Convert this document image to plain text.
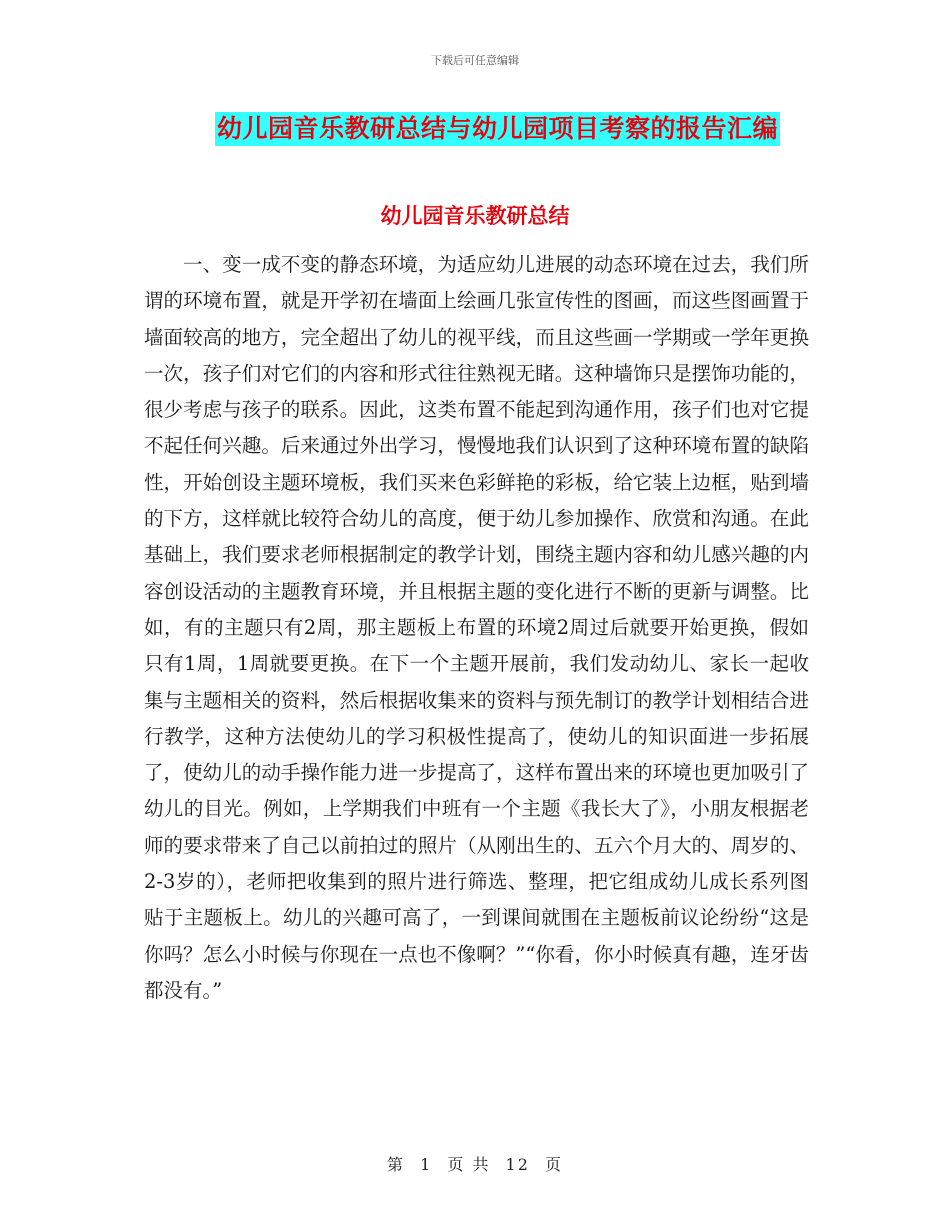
下载后可任意编辑
幼儿园音乐教研总结与幼儿园项目考察的报告汇编
幼儿园音乐教研总结

一、变一成不变的静态环境，为适应幼儿进展的动态环境在过去，我们所谓的环境布置，就是开学初在墙面上绘画几张宣传性的图画，而这些图画置于墙面较高的地方，完全超出了幼儿的视平线，而且这些画一学期或一学年更换一次，孩子们对它们的内容和形式往往熟视无睹。这种墙饰只是摆饰功能的，很少考虑与孩子的联系。因此，这类布置不能起到沟通作用，孩子们也对它提不起任何兴趣。后来通过外出学习，慢慢地我们认识到了这种环境布置的缺陷性，开始创设主题环境板，我们买来色彩鲜艳的彩板，给它装上边框，贴到墙的下方，这样就比较符合幼儿的高度，便于幼儿参加操作、欣赏和沟通。在此基础上，我们要求老师根据制定的教学计划，围绕主题内容和幼儿感兴趣的内容创设活动的主题教育环境，并且根据主题的变化进行不断的更新与调整。比如，有的主题只有2周，那主题板上布置的环境2周过后就要开始更换，假如只有1周，1周就要更换。在下一个主题开展前，我们发动幼儿、家长一起收集与主题相关的资料，然后根据收集来的资料与预先制订的教学计划相结合进行教学，这种方法使幼儿的学习积极性提高了，使幼儿的知识面进一步拓展了，使幼儿的动手操作能力进一步提高了，这样布置出来的环境也更加吸引了幼儿的目光。例如，上学期我们中班有一个主题《我长大了》，小朋友根据老师的要求带来了自己以前拍过的照片（从刚出生的、五六个月大的、周岁的、2-3岁的），老师把收集到的照片进行筛选、整理，把它组成幼儿成长系列图贴于主题板上。幼儿的兴趣可高了，一到课间就围在主题板前议论纷纷“这是你吗？怎么小时候与你现在一点也不像啊？”“你看，你小时候真有趣，连牙齿都没有。”

第 1 页 共 12 页
